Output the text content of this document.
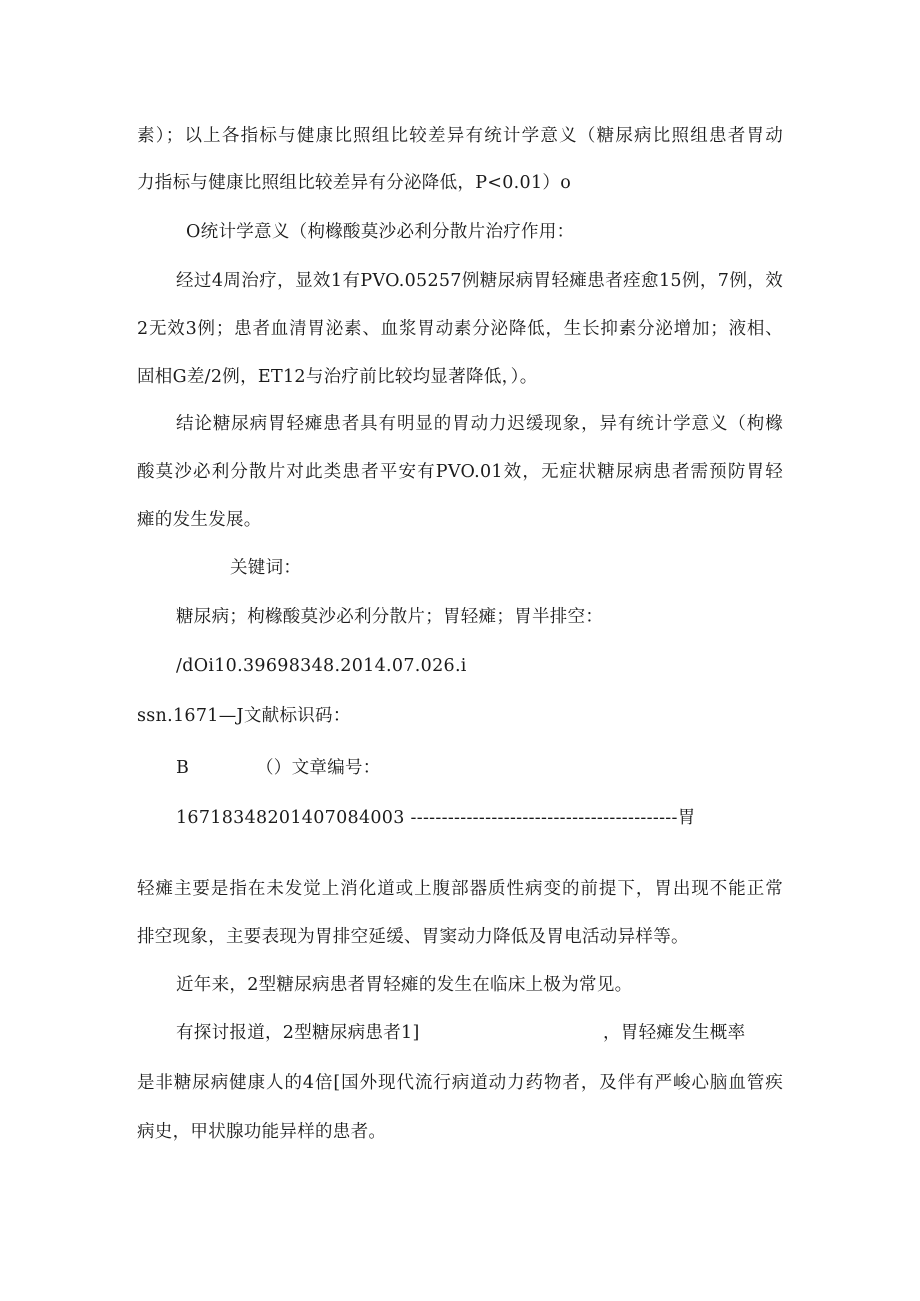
素）；以上各指标与健康比照组比较差异有统计学意义（糖尿病比照组患者胃动
力指标与健康比照组比较差异有分泌降低，P<0.01）o
O统计学意义（枸橼酸莫沙必利分散片治疗作用：
经过4周治疗，显效1有PVO.05257例糖尿病胃轻瘫患者痊愈15例，7例，效
2无效3例；患者血清胃泌素、血浆胃动素分泌降低，生长抑素分泌增加；液相、
固相G差/2例，ET12与治疗前比较均显著降低，）。
结论糖尿病胃轻瘫患者具有明显的胃动力迟缓现象，异有统计学意义（枸橼
酸莫沙必利分散片对此类患者平安有PVO.01效，无症状糖尿病患者需预防胃轻
瘫的发生发展。
关键词：
糖尿病；枸橼酸莫沙必利分散片；胃轻瘫；胃半排空：
/dOi10.39698348.2014.07.026.i
ssn.1671—J文献标识码：
B	（）文章编号：
16718348201407084003 -------------------------------------------胃
轻瘫主要是指在未发觉上消化道或上腹部器质性病变的前提下，胃出现不能正常
排空现象，主要表现为胃排空延缓、胃窦动力降低及胃电活动异样等。
近年来，2型糖尿病患者胃轻瘫的发生在临床上极为常见。
有探讨报道，2型糖尿病患者1]	，胃轻瘫发生概率
是非糖尿病健康人的4倍[国外现代流行病道动力药物者，及伴有严峻心脑血管疾
病史，甲状腺功能异样的患者。
